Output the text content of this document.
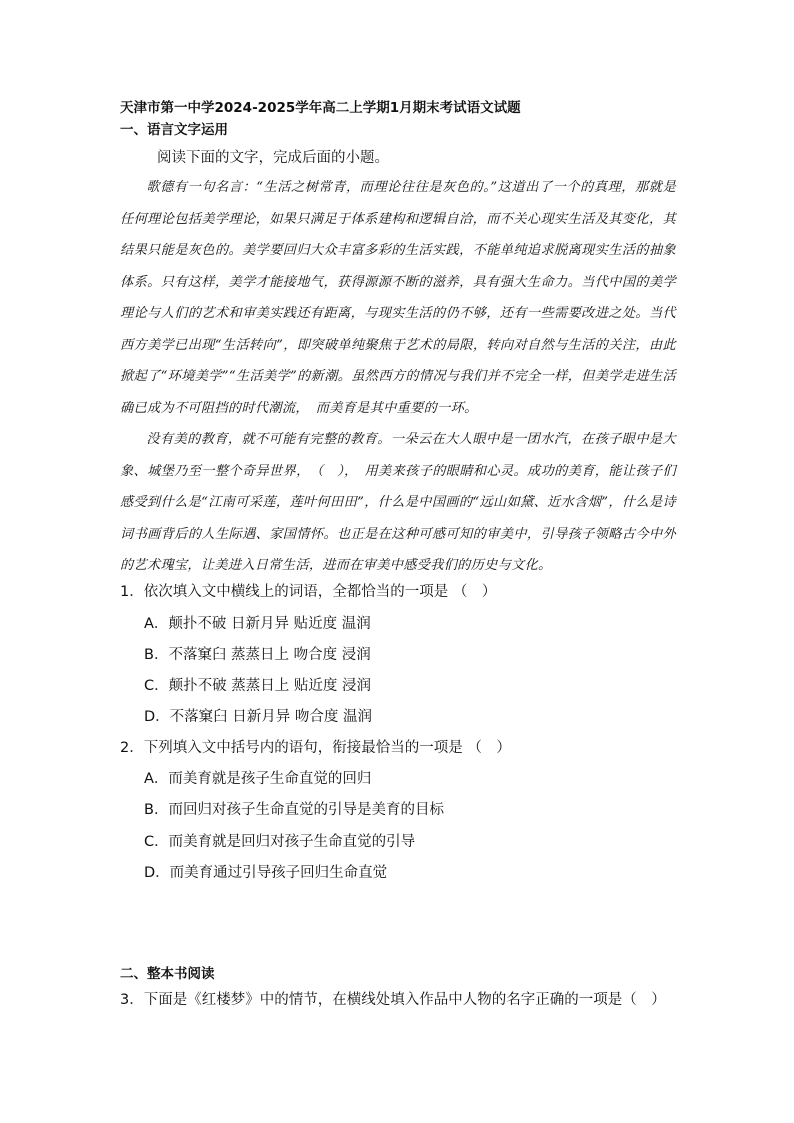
天津市第一中学2024-2025学年高二上学期1月期末考试语文试题
一、语言文字运用
阅读下面的文字，完成后面的小题。

歌德有一句名言：“生活之树常青，而理论往往是灰色的。”这道出了一个的真理，那就是任何理论包括美学理论，如果只满足于体系建构和逻辑自洽，而不关心现实生活及其变化，其结果只能是灰色的。美学要回归大众丰富多彩的生活实践，不能单纯追求脱离现实生活的抽象体系。只有这样，美学才能接地气，获得源源不断的滋养，具有强大生命力。当代中国的美学理论与人们的艺术和审美实践还有距离，与现实生活的仍不够，还有一些需要改进之处。当代西方美学已出现“生活转向”，即突破单纯聚焦于艺术的局限，转向对自然与生活的关注，由此掀起了“环境美学”“生活美学”的新潮。虽然西方的情况与我们并不完全一样，但美学走进生活确已成为不可阻挡的时代潮流，　而美育是其中重要的一环。

没有美的教育，就不可能有完整的教育。一朵云在大人眼中是一团水汽，在孩子眼中是大象、城堡乃至一整个奇异世界，　（　），　用美来孩子的眼睛和心灵。成功的美育，能让孩子们感受到什么是“江南可采莲，莲叶何田田”，什么是中国画的“远山如黛、近水含烟”，什么是诗词书画背后的人生际遇、家国情怀。也正是在这种可感可知的审美中，引导孩子领略古今中外的艺术瑰宝，让美进入日常生活，进而在审美中感受我们的历史与文化。

1．依次填入文中横线上的词语，全都恰当的一项是 （　）
A．颠扑不破 日新月异 贴近度 温润
B．不落窠臼 蒸蒸日上 吻合度 浸润
C．颠扑不破 蒸蒸日上 贴近度 浸润
D．不落窠臼 日新月异 吻合度 温润
2．下列填入文中括号内的语句，衔接最恰当的一项是 （　）
A．而美育就是孩子生命直觉的回归
B．而回归对孩子生命直觉的引导是美育的目标
C．而美育就是回归对孩子生命直觉的引导
D．而美育通过引导孩子回归生命直觉
二、整本书阅读
3．下面是《红楼梦》中的情节，在横线处填入作品中人物的名字正确的一项是（　）
